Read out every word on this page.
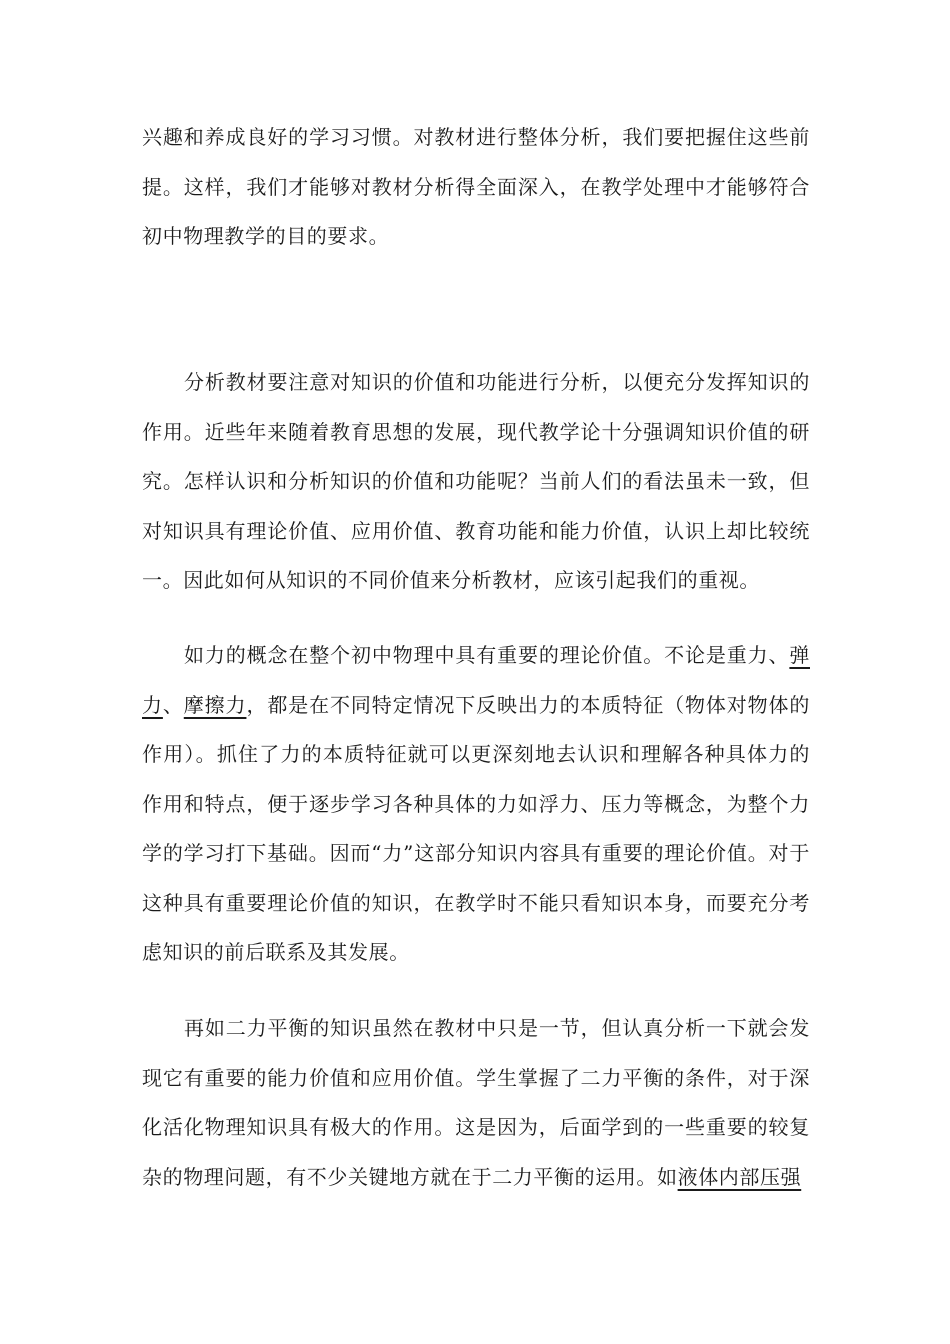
兴趣和养成良好的学习习惯。对教材进行整体分析，我们要把握住这些前提。这样，我们才能够对教材分析得全面深入，在教学处理中才能够符合初中物理教学的目的要求。

分析教材要注意对知识的价值和功能进行分析，以便充分发挥知识的作用。近些年来随着教育思想的发展，现代教学论十分强调知识价值的研究。怎样认识和分析知识的价值和功能呢？当前人们的看法虽未一致，但对知识具有理论价值、应用价值、教育功能和能力价值，认识上却比较统一。因此如何从知识的不同价值来分析教材，应该引起我们的重视。

如力的概念在整个初中物理中具有重要的理论价值。不论是重力、弹力、摩擦力，都是在不同特定情况下反映出力的本质特征（物体对物体的作用）。抓住了力的本质特征就可以更深刻地去认识和理解各种具体力的作用和特点，便于逐步学习各种具体的力如浮力、压力等概念，为整个力学的学习打下基础。因而“力”这部分知识内容具有重要的理论价值。对于这种具有重要理论价值的知识，在教学时不能只看知识本身，而要充分考虑知识的前后联系及其发展。

再如二力平衡的知识虽然在教材中只是一节，但认真分析一下就会发现它有重要的能力价值和应用价值。学生掌握了二力平衡的条件，对于深化活化物理知识具有极大的作用。这是因为，后面学到的一些重要的较复杂的物理问题，有不少关键地方就在于二力平衡的运用。如液体内部压强
